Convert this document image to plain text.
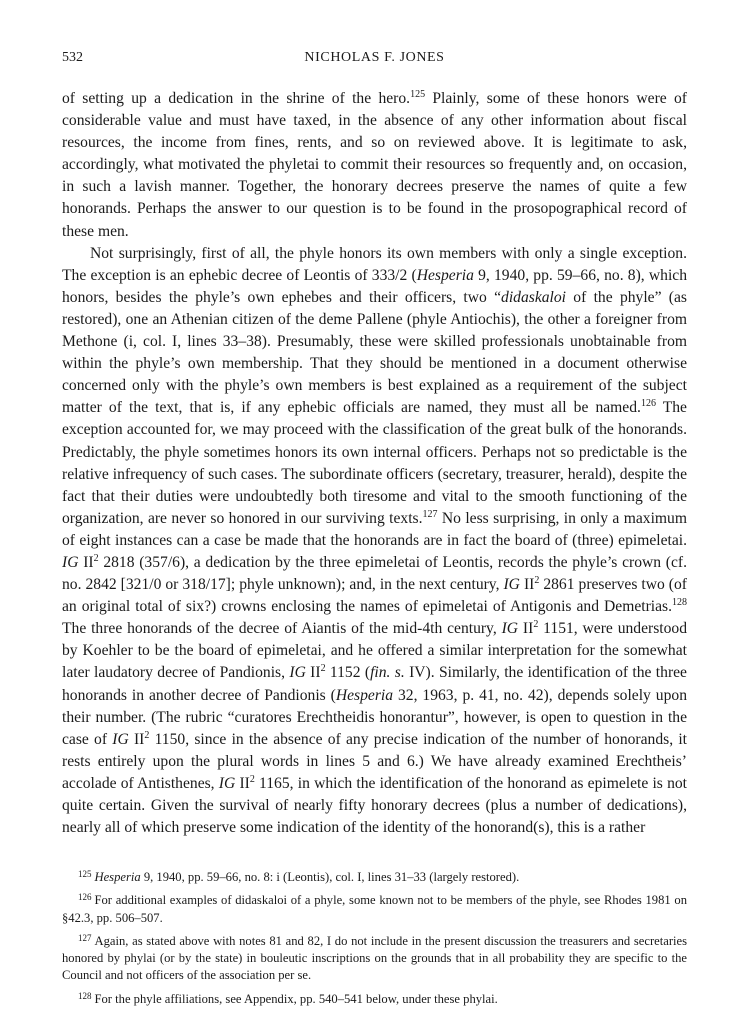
532	NICHOLAS F. JONES

of setting up a dedication in the shrine of the hero.$^{125}$ Plainly, some of these honors were of considerable value and must have taxed, in the absence of any other information about fiscal resources, the income from fines, rents, and so on reviewed above. It is legitimate to ask, accordingly, what motivated the phyletai to commit their resources so frequently and, on occasion, in such a lavish manner. Together, the honorary decrees preserve the names of quite a few honorands. Perhaps the answer to our question is to be found in the prosopographical record of these men.

Not surprisingly, first of all, the phyle honors its own members with only a single exception. The exception is an ephebic decree of Leontis of 333/2 (Hesperia 9, 1940, pp. 59–66, no. 8), which honors, besides the phyle’s own ephebes and their officers, two “didaskaloi of the phyle” (as restored), one an Athenian citizen of the deme Pallene (phyle Antiochis), the other a foreigner from Methone (i, col. I, lines 33–38). Presumably, these were skilled professionals unobtainable from within the phyle’s own membership. That they should be mentioned in a document otherwise concerned only with the phyle’s own members is best explained as a requirement of the subject matter of the text, that is, if any ephebic officials are named, they must all be named.$^{126}$ The exception accounted for, we may proceed with the classification of the great bulk of the honorands. Predictably, the phyle sometimes honors its own internal officers. Perhaps not so predictable is the relative infrequency of such cases. The subordinate officers (secretary, treasurer, herald), despite the fact that their duties were undoubtedly both tiresome and vital to the smooth functioning of the organization, are never so honored in our surviving texts.$^{127}$ No less surprising, in only a maximum of eight instances can a case be made that the honorands are in fact the board of (three) epimeletai. IG $II^2$ 2818 (357/6), a dedication by the three epimeletai of Leontis, records the phyle’s crown (cf. no. 2842 [321/0 or 318/17]; phyle unknown); and, in the next century, IG $II^2$ 2861 preserves two (of an original total of six?) crowns enclosing the names of epimeletai of Antigonis and Demetrias.$^{128}$ The three honorands of the decree of Aiantis of the mid-4th century, IG $II^2$ 1151, were understood by Koehler to be the board of epimeletai, and he offered a similar interpretation for the somewhat later laudatory decree of Pandionis, IG $II^2$ 1152 (fin. s. IV). Similarly, the identification of the three honorands in another decree of Pandionis (Hesperia 32, 1963, p. 41, no. 42), depends solely upon their number. (The rubric “curatores Erechtheidis honorantur”, however, is open to question in the case of IG $II^2$ 1150, since in the absence of any precise indication of the number of honorands, it rests entirely upon the plural words in lines 5 and 6.) We have already examined Erechtheis’ accolade of Antisthenes, IG $II^2$ 1165, in which the identification of the honorand as epimelete is not quite certain. Given the survival of nearly fifty honorary decrees (plus a number of dedications), nearly all of which preserve some indication of the identity of the honorand(s), this is a rather

$^{125}$ Hesperia 9, 1940, pp. 59–66, no. 8: i (Leontis), col. I, lines 31–33 (largely restored).
$^{126}$ For additional examples of didaskaloi of a phyle, some known not to be members of the phyle, see Rhodes 1981 on §42.3, pp. 506–507.
$^{127}$ Again, as stated above with notes 81 and 82, I do not include in the present discussion the treasurers and secretaries honored by phylai (or by the state) in bouleutic inscriptions on the grounds that in all probability they are specific to the Council and not officers of the association per se.
$^{128}$ For the phyle affiliations, see Appendix, pp. 540–541 below, under these phylai.
